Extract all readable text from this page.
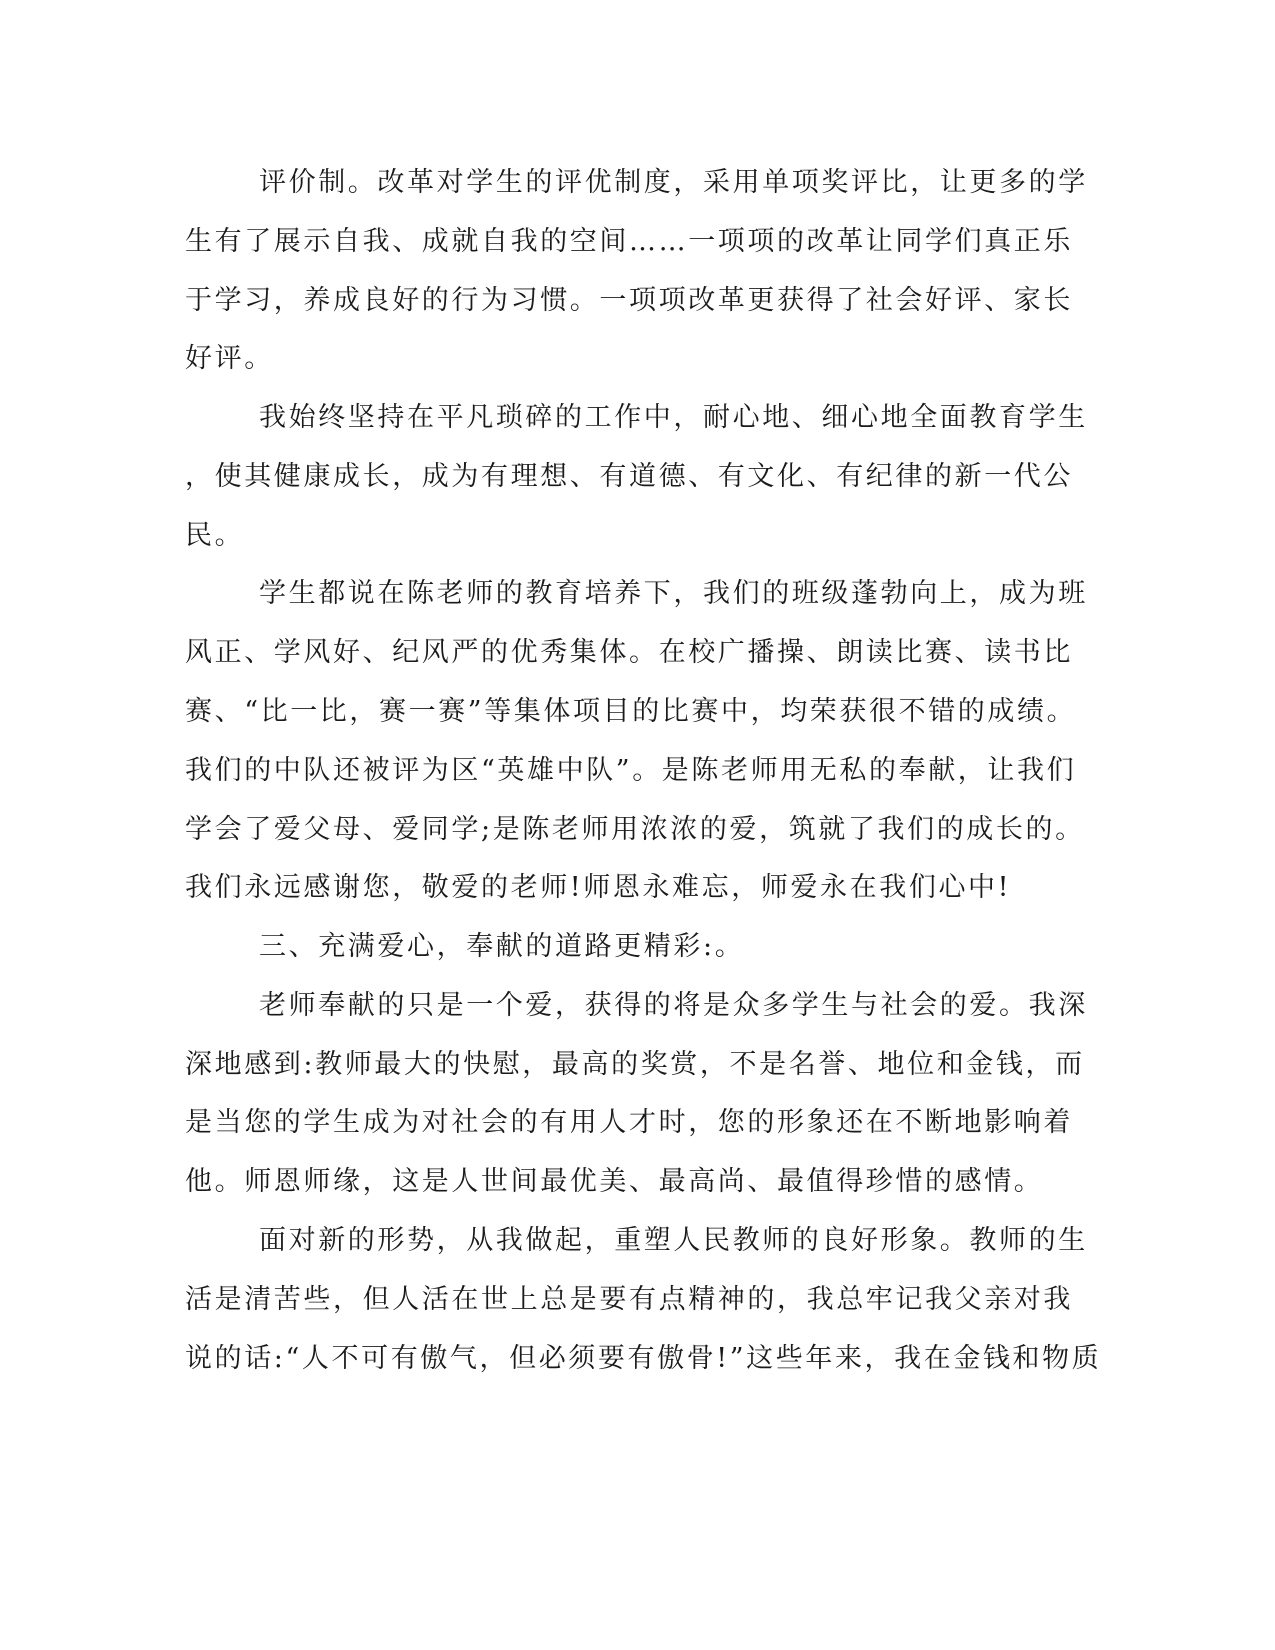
评价制。改革对学生的评优制度，采用单项奖评比，让更多的学
生有了展示自我、成就自我的空间……一项项的改革让同学们真正乐
于学习，养成良好的行为习惯。一项项改革更获得了社会好评、家长
好评。
我始终坚持在平凡琐碎的工作中，耐心地、细心地全面教育学生
，使其健康成长，成为有理想、有道德、有文化、有纪律的新一代公
民。
学生都说在陈老师的教育培养下，我们的班级蓬勃向上，成为班
风正、学风好、纪风严的优秀集体。在校广播操、朗读比赛、读书比
赛、“比一比，赛一赛”等集体项目的比赛中，均荣获很不错的成绩。
我们的中队还被评为区“英雄中队”。是陈老师用无私的奉献，让我们
学会了爱父母、爱同学;是陈老师用浓浓的爱，筑就了我们的成长的。
我们永远感谢您，敬爱的老师!师恩永难忘，师爱永在我们心中!
三、充满爱心，奉献的道路更精彩:。
老师奉献的只是一个爱，获得的将是众多学生与社会的爱。我深
深地感到:教师最大的快慰，最高的奖赏，不是名誉、地位和金钱，而
是当您的学生成为对社会的有用人才时，您的形象还在不断地影响着
他。师恩师缘，这是人世间最优美、最高尚、最值得珍惜的感情。
面对新的形势，从我做起，重塑人民教师的良好形象。教师的生
活是清苦些，但人活在世上总是要有点精神的，我总牢记我父亲对我
说的话:“人不可有傲气，但必须要有傲骨!”这些年来，我在金钱和物质
